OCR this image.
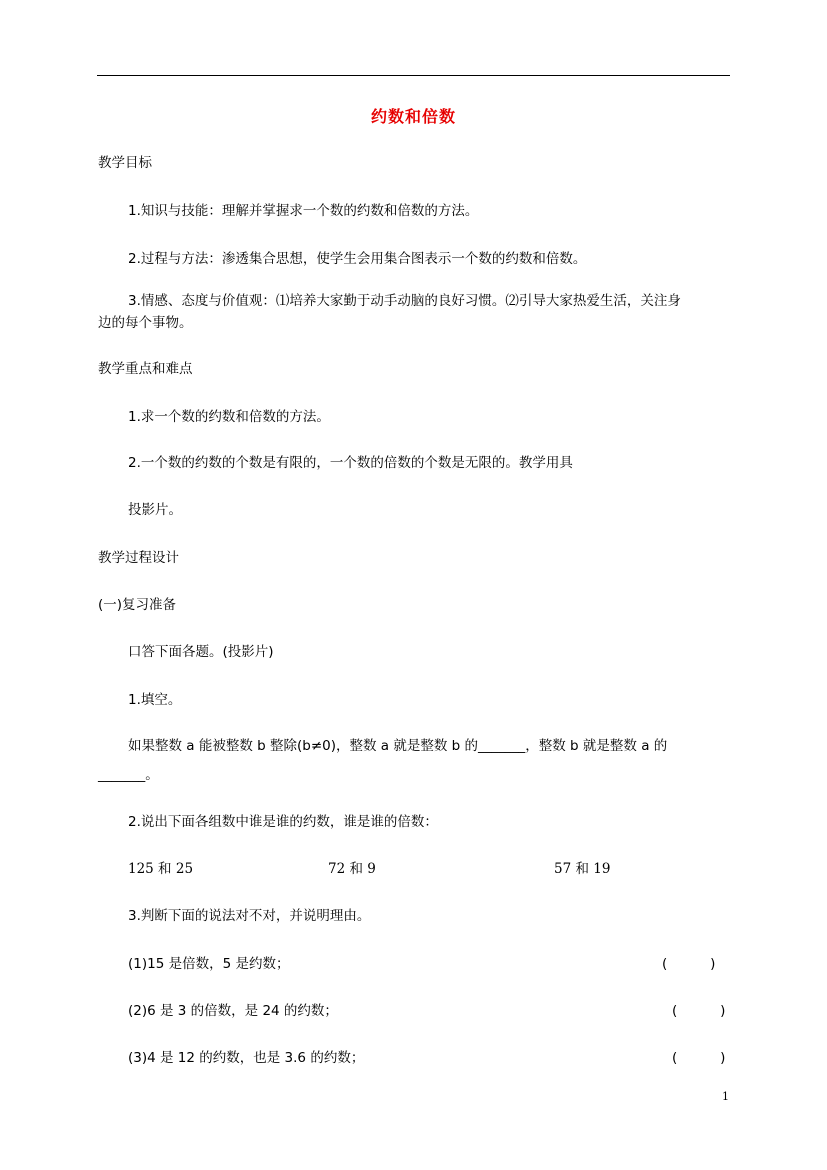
约数和倍数
教学目标
1.知识与技能：理解并掌握求一个数的约数和倍数的方法。
2.过程与方法：渗透集合思想，使学生会用集合图表示一个数的约数和倍数。
3.情感、态度与价值观：⑴培养大家勤于动手动脑的良好习惯。⑵引导大家热爱生活，关注身
边的每个事物。
教学重点和难点
1.求一个数的约数和倍数的方法。
2.一个数的约数的个数是有限的，一个数的倍数的个数是无限的。教学用具
投影片。
教学过程设计
(一)复习准备
口答下面各题。(投影片)
1.填空。
如果整数 a 能被整数 b 整除(b≠0)，整数 a 就是整数 b 的_______，整数 b 就是整数 a 的
_______。
2.说出下面各组数中谁是谁的约数，谁是谁的倍数：
125 和 25	72 和 9	57 和 19
3.判断下面的说法对不对，并说明理由。
(1)15 是倍数，5 是约数；	(          )
(2)6 是 3 的倍数，是 24 的约数；	(          )
(3)4 是 12 的约数，也是 3.6 的约数；	(          )
1
